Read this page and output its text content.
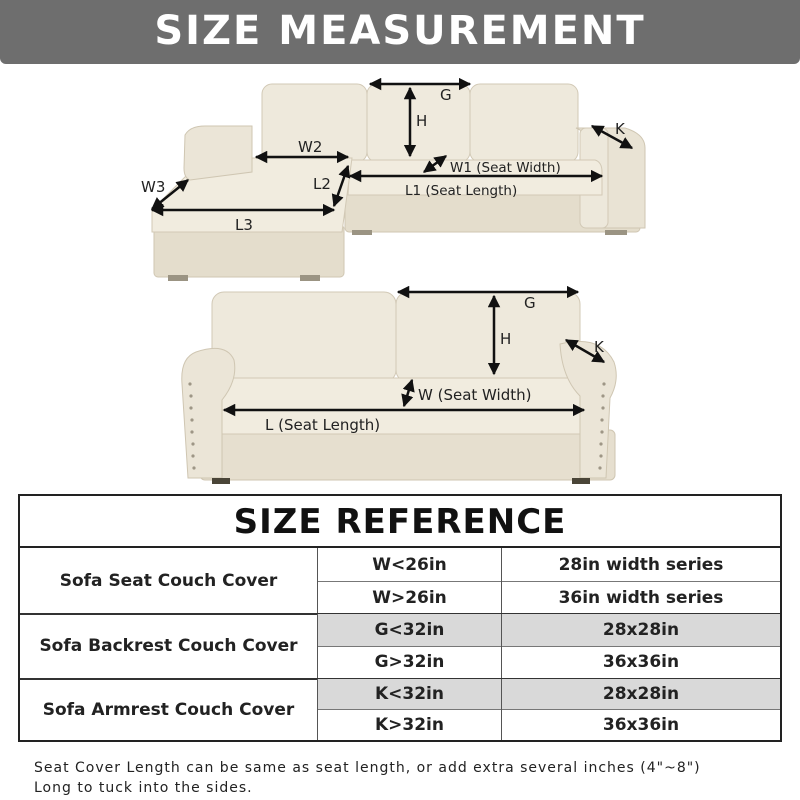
SIZE MEASUREMENT
G
H	K
W1 (Seat Width)
L1 (Seat Length)
W2
L2
W3
L3
G
H	K
W (Seat Width)
L (Seat Length)
SIZE REFERENCE
Sofa Seat Couch Cover
W<26in	28in width series
W>26in	36in width series
Sofa Backrest Couch Cover
G<32in	28x28in
G>32in	36x36in
Sofa Armrest Couch Cover
K<32in	28x28in
K>32in	36x36in
Seat Cover Length can be same as seat length, or add extra several inches (4"~8")
Long to tuck into the sides.
